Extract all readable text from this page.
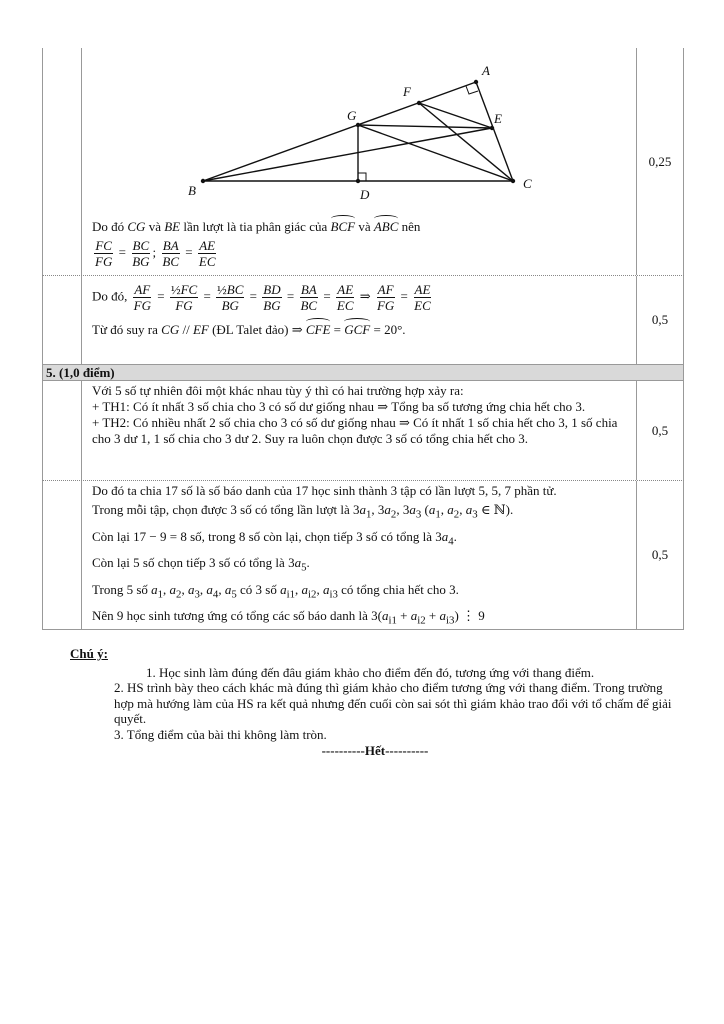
A
F
G	E
B	D
C
Do đó CG và BE lần lượt là tia phân giác của BCF và ABC nên
$\frac{FC}{FG} = \frac{BC}{BG}$ ; $\frac{BA}{BC} = \frac{AE}{EC}$
0,25
Do đó, $\frac{AF}{FG} = \frac{\text{½FC}}{FG} = \frac{\text{½BC}}{BG} = \frac{BD}{BG} = \frac{BA}{BC} = \frac{AE}{EC}$ ⇒ $\frac{AF}{FG} = \frac{AE}{EC}$
Từ đó suy ra CG // EF (ĐL Talet đảo) ⇒ CFE = GCF = 20°.
0,5
5. (1,0 điểm)
Với 5 số tự nhiên đôi một khác nhau tùy ý thì có hai trường hợp xảy ra:
+ TH1: Có ít nhất 3 số chia cho 3 có số dư giống nhau ⇒ Tổng ba số tương ứng chia hết cho 3.
+ TH2: Có nhiều nhất 2 số chia cho 3 có số dư giống nhau ⇒ Có ít nhất 1 số chia hết cho 3, 1 số chia cho 3 dư 1, 1 số chia cho 3 dư 2. Suy ra luôn chọn được 3 số có tổng chia hết cho 3.
0,5
Do đó ta chia 17 số là số báo danh của 17 học sinh thành 3 tập có lần lượt 5, 5, 7 phần tử.
Trong mỗi tập, chọn được 3 số có tổng lần lượt là $3a_1$, $3a_2$, $3a_3$ ($a_1$, $a_2$, $a_3$ ∈ ℕ).
Còn lại 17 − 9 = 8 số, trong 8 số còn lại, chọn tiếp 3 số có tổng là $3a_4$.
Còn lại 5 số chọn tiếp 3 số có tổng là $3a_5$.
Trong 5 số $a_1$, $a_2$, $a_3$, $a_4$, $a_5$ có 3 số $a_{i1}$, $a_{i2}$, $a_{i3}$ có tổng chia hết cho 3.
Nên 9 học sinh tương ứng có tổng các số báo danh là $3(a_{i1} + a_{i2} + a_{i3})$ ⋮ 9
0,5
Chú ý:

1. Học sinh làm đúng đến đâu giám khảo cho điểm đến đó, tương ứng với thang điểm.

2. HS trình bày theo cách khác mà đúng thì giám khảo cho điểm tương ứng với thang điểm. Trong trường hợp mà hướng làm của HS ra kết quả nhưng đến cuối còn sai sót thì giám khảo trao đổi với tổ chấm để giải quyết.

3. Tổng điểm của bài thi không làm tròn.

----------Hết----------
